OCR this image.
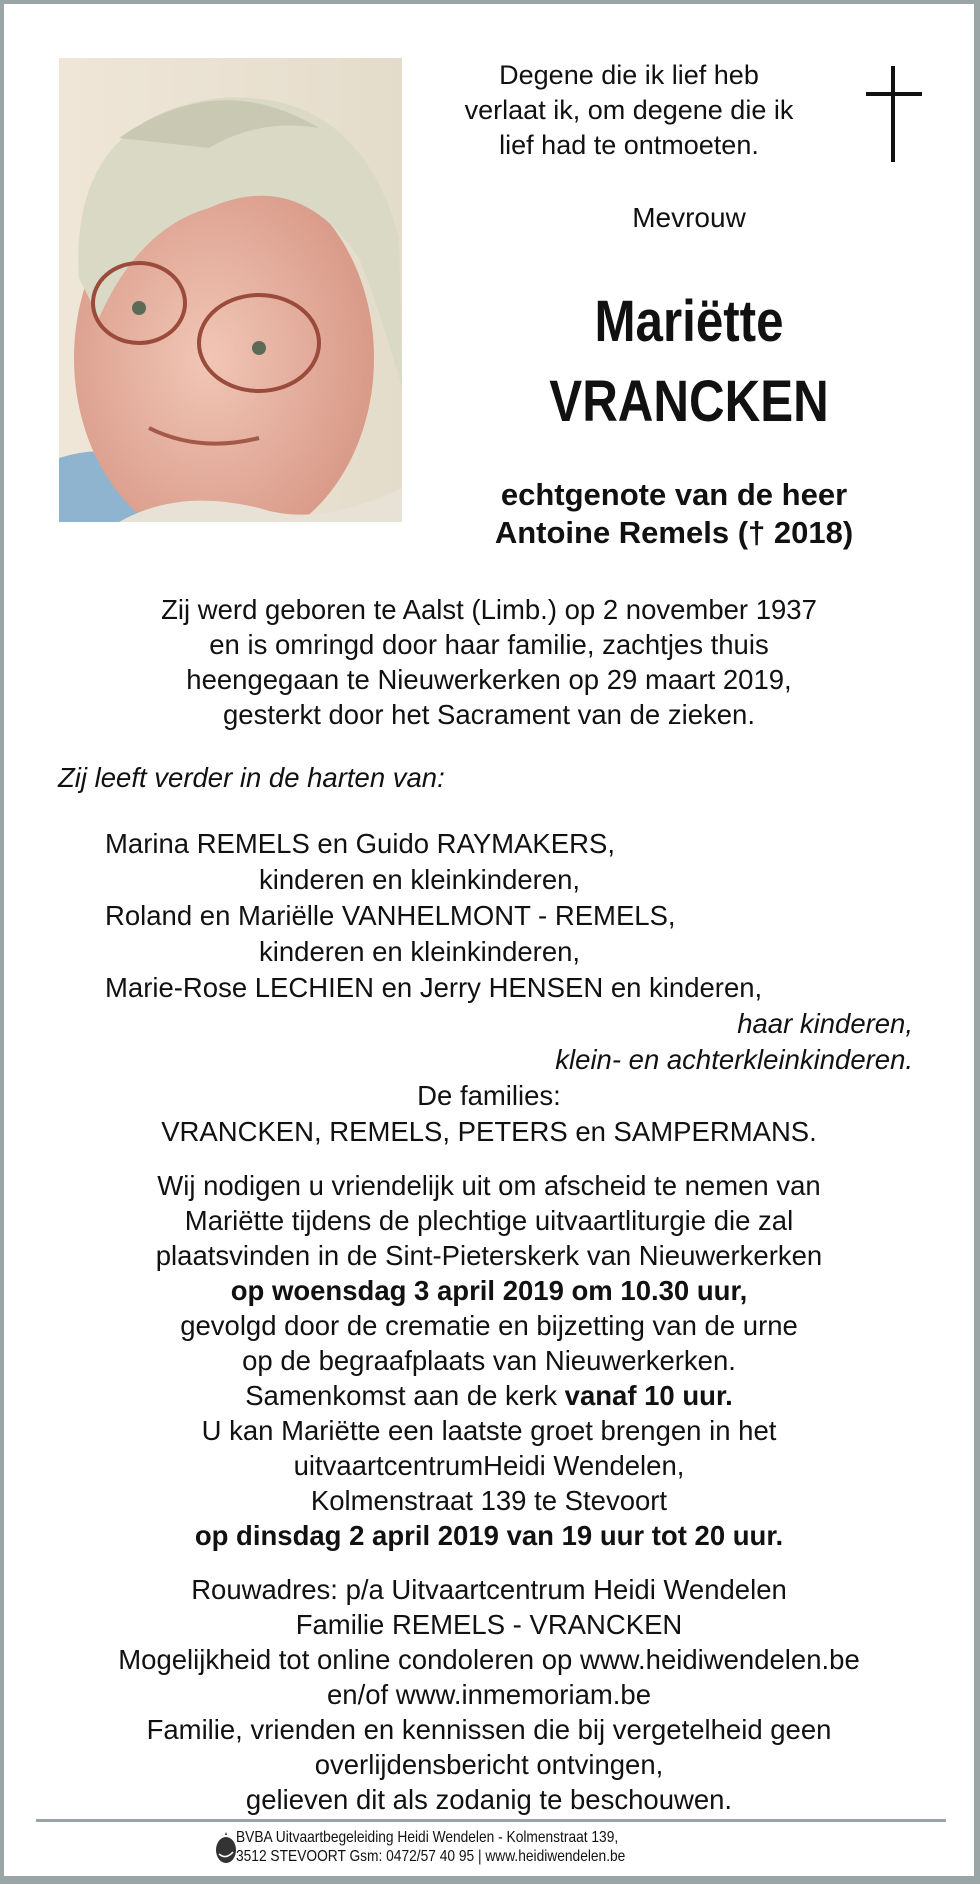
Degene die ik lief heb
verlaat ik, om degene die ik
lief had te ontmoeten.
Mevrouw
Mariëtte
VRANCKEN
echtgenote van de heer
Antoine Remels († 2018)
Zij werd geboren te Aalst (Limb.) op 2 november 1937
en is omringd door haar familie, zachtjes thuis
heengegaan te Nieuwerkerken op 29 maart 2019,
gesterkt door het Sacrament van de zieken.
Zij leeft verder in de harten van:
Marina REMELS en Guido RAYMAKERS,
kinderen en kleinkinderen,
Roland en Mariëlle VANHELMONT - REMELS,
kinderen en kleinkinderen,
Marie-Rose LECHIEN en Jerry HENSEN en kinderen,
haar kinderen,
klein- en achterkleinkinderen.
De families:
VRANCKEN, REMELS, PETERS en SAMPERMANS.
Wij nodigen u vriendelijk uit om afscheid te nemen van
Mariëtte tijdens de plechtige uitvaartliturgie die zal
plaatsvinden in de Sint-Pieterskerk van Nieuwerkerken
op woensdag 3 april 2019 om 10.30 uur,
gevolgd door de crematie en bijzetting van de urne
op de begraafplaats van Nieuwerkerken.
Samenkomst aan de kerk vanaf 10 uur.
U kan Mariëtte een laatste groet brengen in het
uitvaartcentrumHeidi Wendelen,
Kolmenstraat 139 te Stevoort
op dinsdag 2 april 2019 van 19 uur tot 20 uur.
Rouwadres: p/a Uitvaartcentrum Heidi Wendelen
Familie REMELS - VRANCKEN
Mogelijkheid tot online condoleren op www.heidiwendelen.be
en/of www.inmemoriam.be
Familie, vrienden en kennissen die bij vergetelheid geen
overlijdensbericht ontvingen,
gelieven dit als zodanig te beschouwen.
BVBA Uitvaartbegeleiding Heidi Wendelen - Kolmenstraat 139,
3512 STEVOORT Gsm: 0472/57 40 95 | www.heidiwendelen.be
